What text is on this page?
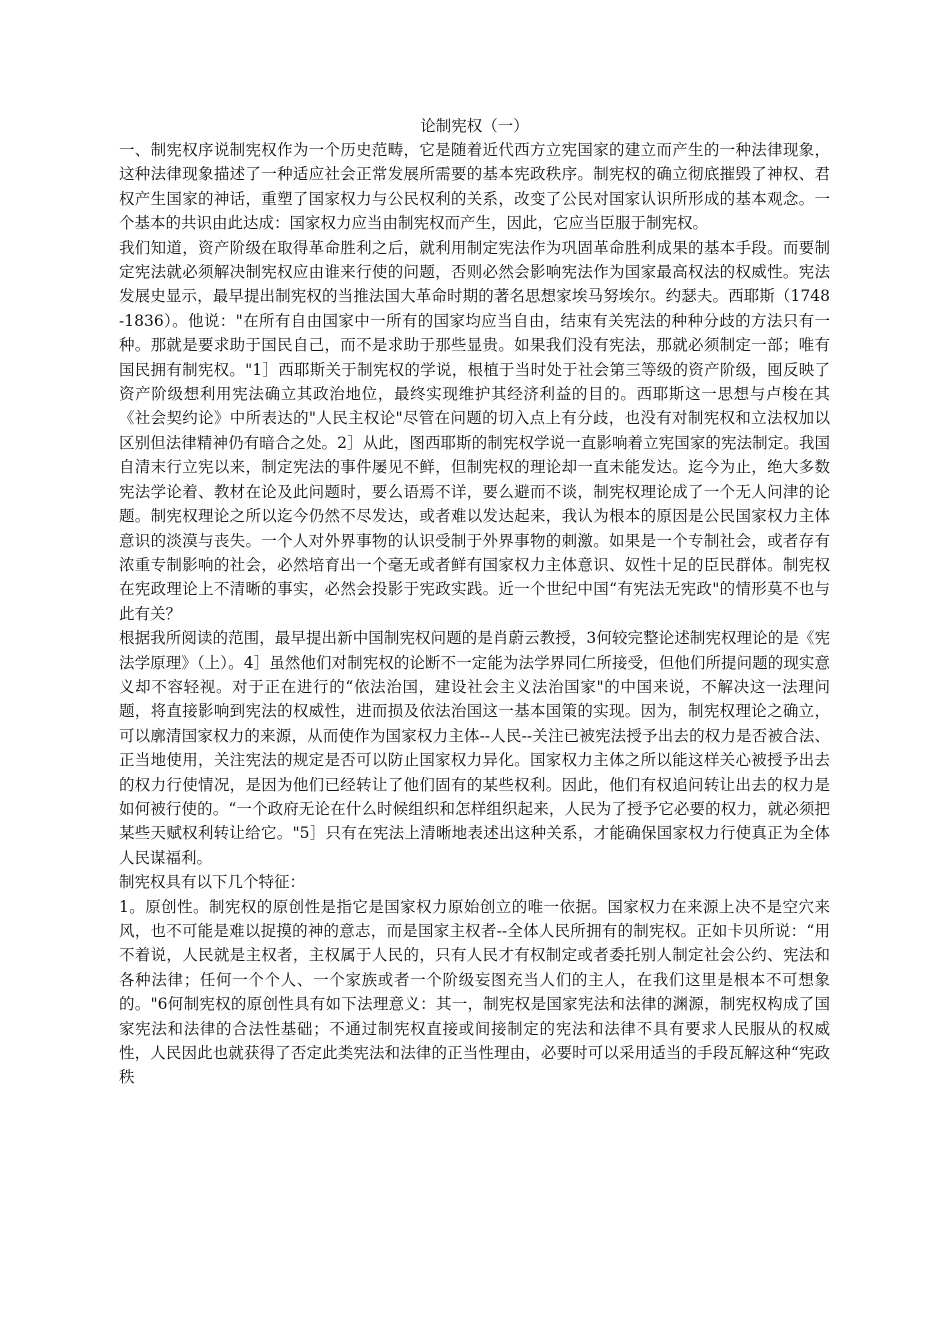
论制宪权（一）

一、制宪权序说制宪权作为一个历史范畴，它是随着近代西方立宪国家的建立而产生的一种法律现象，这种法律现象描述了一种适应社会正常发展所需要的基本宪政秩序。制宪权的确立彻底摧毁了神权、君权产生国家的神话，重塑了国家权力与公民权利的关系，改变了公民对国家认识所形成的基本观念。一个基本的共识由此达成：国家权力应当由制宪权而产生，因此，它应当臣服于制宪权。

我们知道，资产阶级在取得革命胜利之后，就利用制定宪法作为巩固革命胜利成果的基本手段。而要制定宪法就必须解决制宪权应由谁来行使的问题，否则必然会影响宪法作为国家最高权法的权威性。宪法发展史显示，最早提出制宪权的当推法国大革命时期的著名思想家埃马努埃尔。约瑟夫。西耶斯（1748-1836）。他说："在所有自由国家中一所有的国家均应当自由，结束有关宪法的种种分歧的方法只有一种。那就是要求助于国民自己，而不是求助于那些显贵。如果我们没有宪法，那就必须制定一部；唯有国民拥有制宪权。"1］西耶斯关于制宪权的学说，根植于当时处于社会第三等级的资产阶级，囤反映了资产阶级想利用宪法确立其政治地位，最终实现维护其经济利益的目的。西耶斯这一思想与卢梭在其《社会契约论》中所表达的"人民主权论"尽管在问题的切入点上有分歧，也没有对制宪权和立法权加以区别但法律精神仍有暗合之处。2］从此，图西耶斯的制宪权学说一直影响着立宪国家的宪法制定。我国自清末行立宪以来，制定宪法的事件屡见不鲜，但制宪权的理论却一直未能发达。迄今为止，绝大多数宪法学论着、教材在论及此问题时，要么语焉不详，要么避而不谈，制宪权理论成了一个无人问津的论题。制宪权理论之所以迄今仍然不尽发达，或者难以发达起来，我认为根本的原因是公民国家权力主体意识的淡漠与丧失。一个人对外界事物的认识受制于外界事物的刺激。如果是一个专制社会，或者存有浓重专制影响的社会，必然培育出一个毫无或者鲜有国家权力主体意识、奴性十足的臣民群体。制宪权在宪政理论上不清晰的事实，必然会投影于宪政实践。近一个世纪中国“有宪法无宪政"的情形莫不也与此有关？

根据我所阅读的范围，最早提出新中国制宪权问题的是肖蔚云教授，3何较完整论述制宪权理论的是《宪法学原理》（上）。4］虽然他们对制宪权的论断不一定能为法学界同仁所接受，但他们所提问题的现实意义却不容轻视。对于正在进行的“依法治国，建设社会主义法治国家"的中国来说，不解决这一法理问题，将直接影响到宪法的权威性，进而损及依法治国这一基本国策的实现。因为，制宪权理论之确立，可以廓清国家权力的来源，从而使作为国家权力主体--人民--关注已被宪法授予出去的权力是否被合法、正当地使用，关注宪法的规定是否可以防止国家权力异化。国家权力主体之所以能这样关心被授予出去的权力行使情况，是因为他们已经转让了他们固有的某些权利。因此，他们有权追问转让出去的权力是如何被行使的。“一个政府无论在什么时候组织和怎样组织起来，人民为了授予它必要的权力，就必须把某些天赋权利转让给它。"5］只有在宪法上清晰地表述出这种关系，才能确保国家权力行使真正为全体人民谋福利。

制宪权具有以下几个特征：

1。原创性。制宪权的原创性是指它是国家权力原始创立的唯一依据。国家权力在来源上决不是空穴来风，也不可能是难以捉摸的神的意志，而是国家主权者--全体人民所拥有的制宪权。正如卡贝所说：“用不着说，人民就是主权者，主权属于人民的，只有人民才有权制定或者委托别人制定社会公约、宪法和各种法律；任何一个个人、一个家族或者一个阶级妄图充当人们的主人，在我们这里是根本不可想象的。"6何制宪权的原创性具有如下法理意义：其一，制宪权是国家宪法和法律的渊源，制宪权构成了国家宪法和法律的合法性基础；不通过制宪权直接或间接制定的宪法和法律不具有要求人民服从的权威性，人民因此也就获得了否定此类宪法和法律的正当性理由，必要时可以采用适当的手段瓦解这种“宪政秩
